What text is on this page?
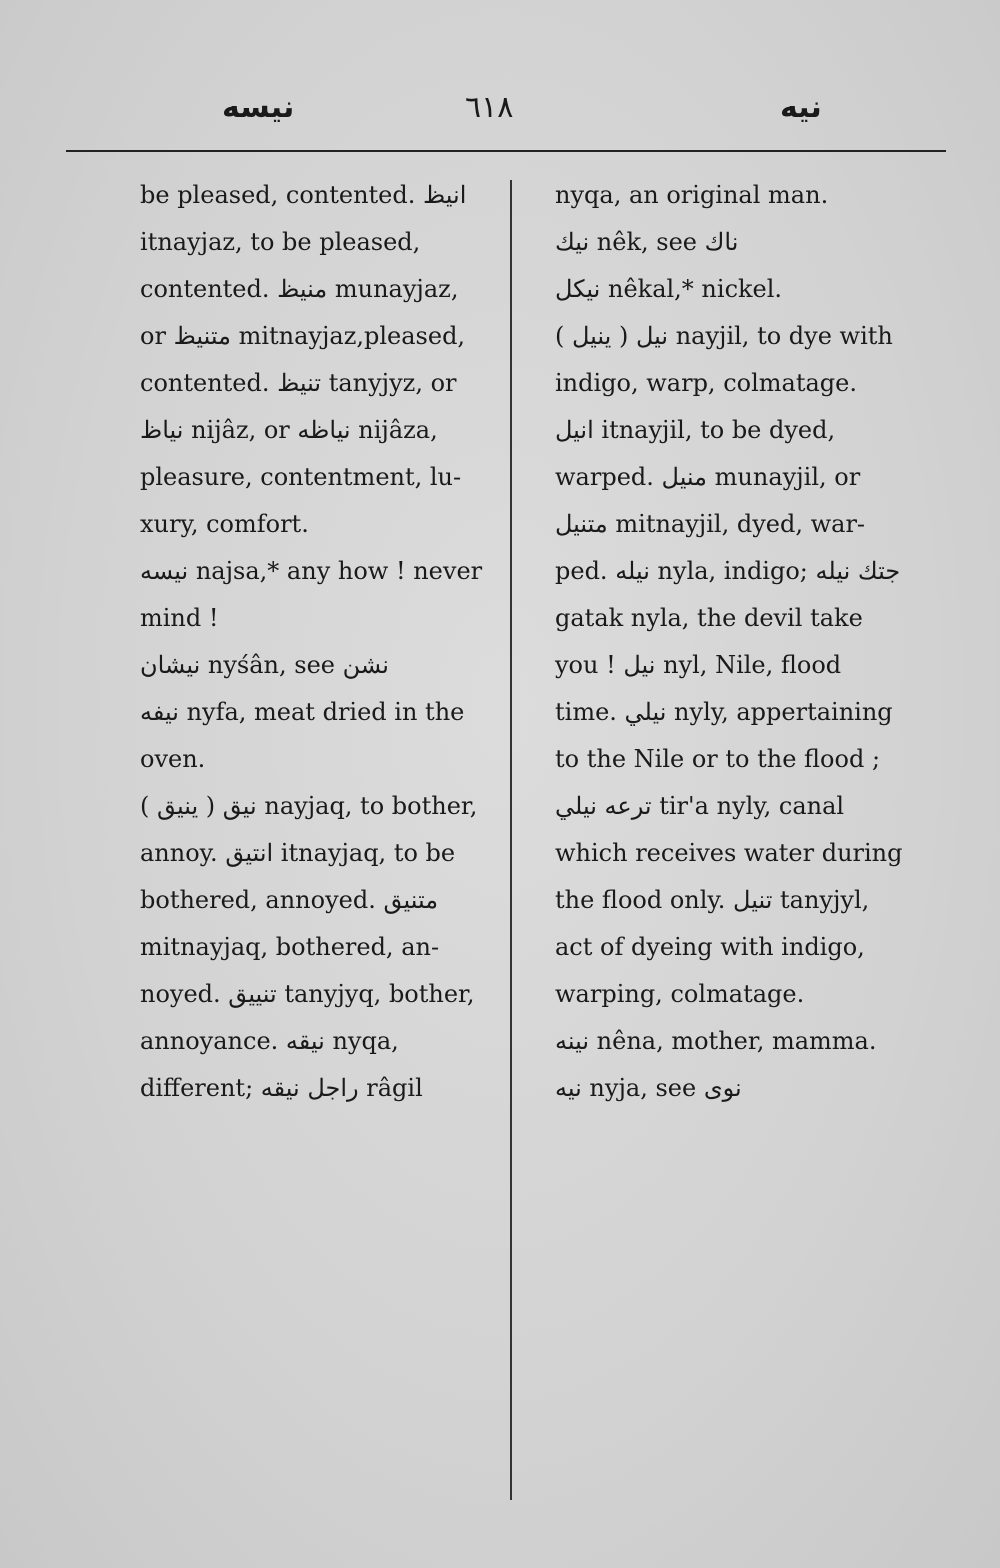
نيسه	٦١٨	نيه
be pleased, contented. انيظ
itnayjaz, to be pleased,
contented. منيظ munayjaz,
or متنيظ mitnayjaz,pleased,
contented. تنيظ tanyjyz, or
نياظ nijâz, or نياظه nijâza,
pleasure, contentment, lu-
xury, comfort.
نيسه najsa,* any how ! never
mind !
نيشان nyśân, see نشن
نيفه nyfa, meat dried in the
oven.
نيق ( ينيق ) nayjaq, to bother,
annoy. انتيق itnayjaq, to be
bothered, annoyed. متنيق
mitnayjaq, bothered, an-
noyed. تنييق tanyjyq, bother,
annoyance. نيقه nyqa,
different; راجل نيقه râgil
nyqa, an original man.
نيك nêk, see ناك
نيكل nêkal,* nickel.
نيل ( ينيل ) nayjil, to dye with
indigo, warp, colmatage.
انيل itnayjil, to be dyed,
warped. منيل munayjil, or
متنيل mitnayjil, dyed, war-
ped. نيله nyla, indigo; جتك نيله
gatak nyla, the devil take
you ! نيل nyl, Nile, flood
time. نيلي nyly, appertaining
to the Nile or to the flood ;
ترعه نيلي tir'a nyly, canal
which receives water during
the flood only. تنيل tanyjyl,
act of dyeing with indigo,
warping, colmatage.
نينه nêna, mother, mamma.
نيه nyja, see نوى
